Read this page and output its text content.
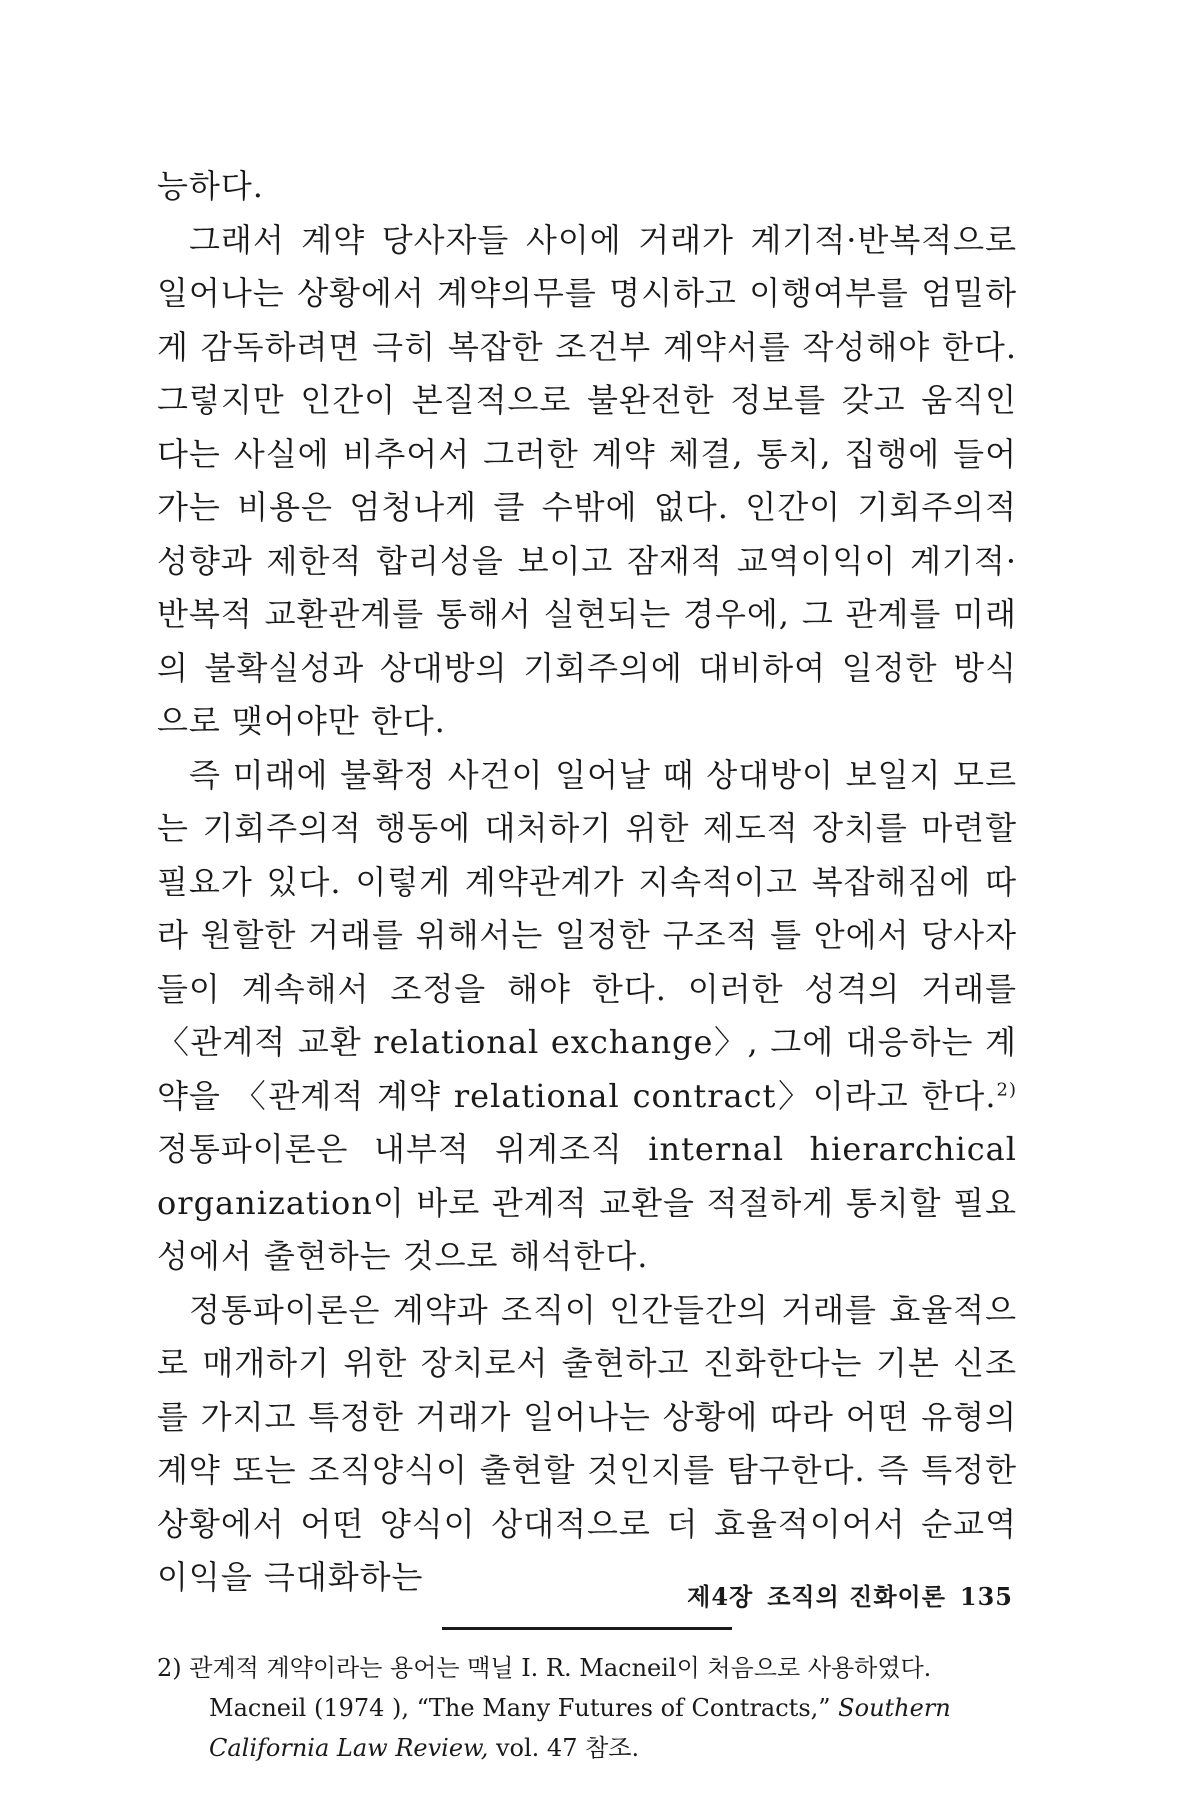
능하다.

그래서 계약 당사자들 사이에 거래가 계기적·반복적으로 일어나는 상황에서 계약의무를 명시하고 이행여부를 엄밀하게 감독하려면 극히 복잡한 조건부 계약서를 작성해야 한다. 그렇지만 인간이 본질적으로 불완전한 정보를 갖고 움직인다는 사실에 비추어서 그러한 계약 체결, 통치, 집행에 들어가는 비용은 엄청나게 클 수밖에 없다. 인간이 기회주의적 성향과 제한적 합리성을 보이고 잠재적 교역이익이 계기적·반복적 교환관계를 통해서 실현되는 경우에, 그 관계를 미래의 불확실성과 상대방의 기회주의에 대비하여 일정한 방식으로 맺어야만 한다.

즉 미래에 불확정 사건이 일어날 때 상대방이 보일지 모르는 기회주의적 행동에 대처하기 위한 제도적 장치를 마련할 필요가 있다. 이렇게 계약관계가 지속적이고 복잡해짐에 따라 원할한 거래를 위해서는 일정한 구조적 틀 안에서 당사자들이 계속해서 조정을 해야 한다. 이러한 성격의 거래를 〈관계적 교환 relational exchange〉, 그에 대응하는 계약을 〈관계적 계약 relational contract〉이라고 한다.$^{2)}$ 정통파이론은 내부적 위계조직 internal hierarchical organization이 바로 관계적 교환을 적절하게 통치할 필요성에서 출현하는 것으로 해석한다.

정통파이론은 계약과 조직이 인간들간의 거래를 효율적으로 매개하기 위한 장치로서 출현하고 진화한다는 기본 신조를 가지고 특정한 거래가 일어나는 상황에 따라 어떤 유형의 계약 또는 조직양식이 출현할 것인지를 탐구한다. 즉 특정한 상황에서 어떤 양식이 상대적으로 더 효율적이어서 순교역이익을 극대화하는

2) 관계적 계약이라는 용어는 맥닐 I. R. Macneil이 처음으로 사용하였다. Macneil (1974 ), “The Many Futures of Contracts,” Southern California Law Review, vol. 47 참조.
제4장 조직의 진화이론 135
